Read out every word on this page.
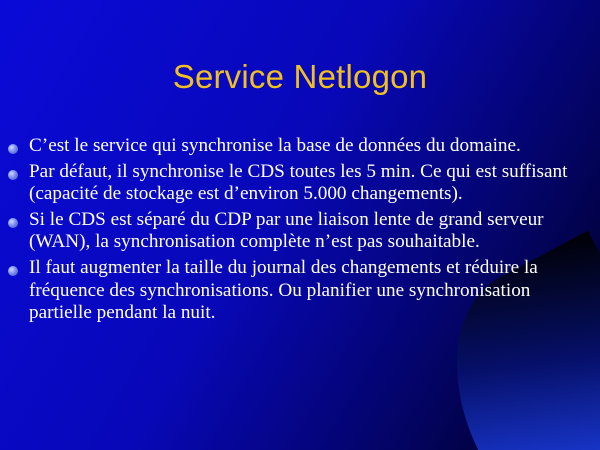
Service Netlogon
C’est le service qui synchronise la base de données du domaine.
Par défaut, il synchronise le CDS toutes les 5 min. Ce qui est suffisant (capacité de stockage est d’environ 5.000 changements).
Si le CDS est séparé du CDP par une liaison lente de grand serveur (WAN), la synchronisation complète n’est pas souhaitable.
Il faut augmenter la taille du journal des changements et réduire la fréquence des synchronisations. Ou planifier une synchronisation partielle pendant la nuit.
